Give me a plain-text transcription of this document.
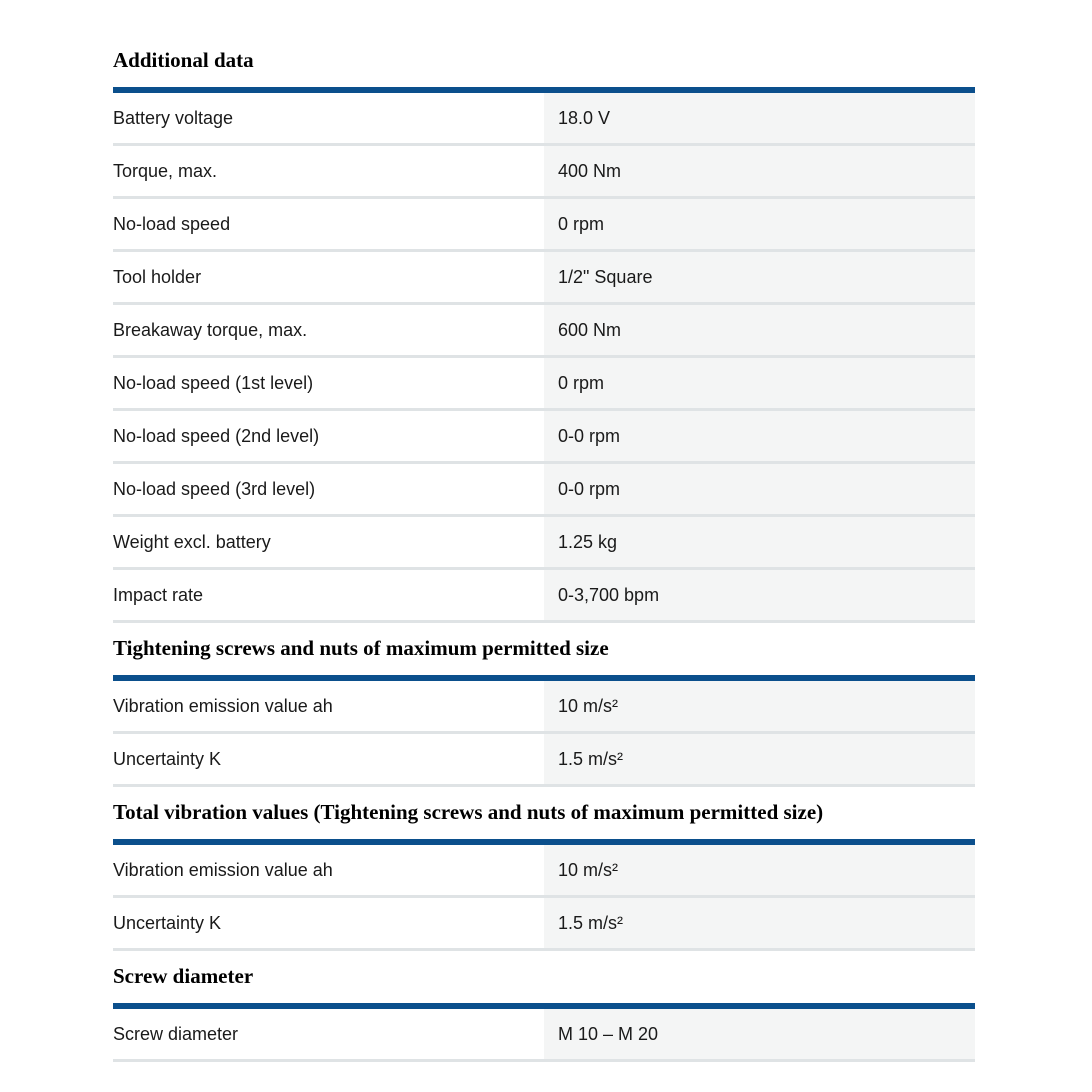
Additional data
Battery voltage	18.0 V
Torque, max.	400 Nm
No-load speed	0 rpm
Tool holder	1/2" Square
Breakaway torque, max.	600 Nm
No-load speed (1st level)	0 rpm
No-load speed (2nd level)	0-0 rpm
No-load speed (3rd level)	0-0 rpm
Weight excl. battery	1.25 kg
Impact rate	0-3,700 bpm
Tightening screws and nuts of maximum permitted size
Vibration emission value ah	10 m/s²
Uncertainty K	1.5 m/s²
Total vibration values (Tightening screws and nuts of maximum permitted size)
Vibration emission value ah	10 m/s²
Uncertainty K	1.5 m/s²
Screw diameter
Screw diameter	M 10 – M 20
